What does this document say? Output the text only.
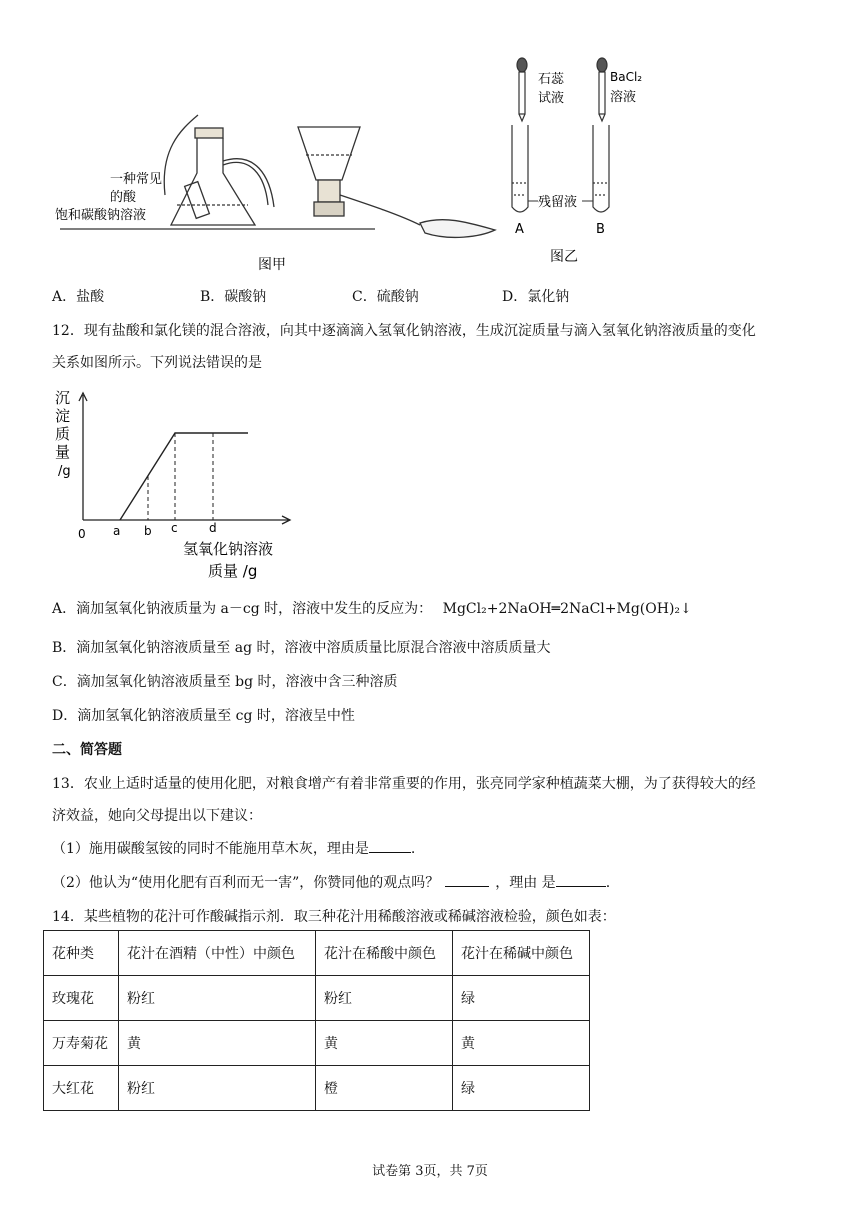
一种常见
的酸
饱和碳酸钠溶液
图甲
石蕊
试液
BaCl₂
溶液
残留液
A	B
图乙
A．盐酸	B．碳酸钠	C．硫酸钠	D．氯化钠
12．现有盐酸和氯化镁的混合溶液，向其中逐滴滴入氢氧化钠溶液，生成沉淀质量与滴入氢氧化钠溶液质量的变化
关系如图所示。下列说法错误的是
沉
淀
质
量
/g
0 a b c	d
氢氧化钠溶液
质量 /g
A．滴加氢氧化钠液质量为 a－cg 时，溶液中发生的反应为： MgCl₂+2NaOH═2NaCl+Mg(OH)₂↓
B．滴加氢氧化钠溶液质量至 ag 时，溶液中溶质质量比原混合溶液中溶质质量大
C．滴加氢氧化钠溶液质量至 bg 时，溶液中含三种溶质
D．滴加氢氧化钠溶液质量至 cg 时，溶液呈中性
二、简答题
13．农业上适时适量的使用化肥，对粮食增产有着非常重要的作用，张亮同学家种植蔬菜大棚，为了获得较大的经
济效益，她向父母提出以下建议：
（1）施用碳酸氢铵的同时不能施用草木灰，理由是	.
（2）他认为“使用化肥有百利而无一害”，你赞同他的观点吗？	，理由 是	.
14．某些植物的花汁可作酸碱指示剂．取三种花汁用稀酸溶液或稀碱溶液检验，颜色如表：
花种类	花汁在酒精（中性）中颜色	花汁在稀酸中颜色	花汁在稀碱中颜色
玫瑰花	粉红	粉红	绿
万寿菊花	黄	黄	黄
大红花	粉红	橙	绿
试卷第 3页，共 7页
